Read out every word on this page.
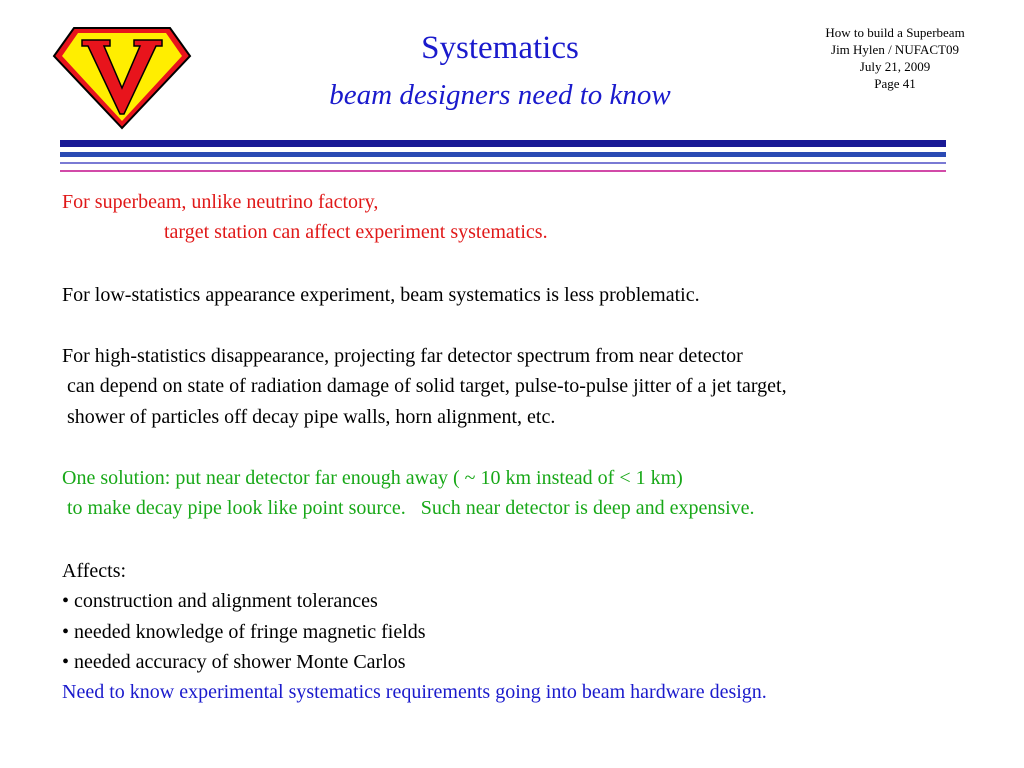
Systematics
beam designers need to know
How to build a Superbeam
Jim Hylen / NUFACT09
July 21, 2009
Page 41
For superbeam, unlike neutrino factory,
target station can affect experiment systematics.
For low-statistics appearance experiment, beam systematics is less problematic.
For high-statistics disappearance, projecting far detector spectrum from near detector
can depend on state of radiation damage of solid target, pulse-to-pulse jitter of a jet target,
shower of particles off decay pipe walls, horn alignment, etc.
One solution: put near detector far enough away ( ~ 10 km instead of < 1 km)
to make decay pipe look like point source.   Such near detector is deep and expensive.
Affects:
• construction and alignment tolerances
• needed knowledge of fringe magnetic fields
• needed accuracy of shower Monte Carlos
Need to know experimental systematics requirements going into beam hardware design.
